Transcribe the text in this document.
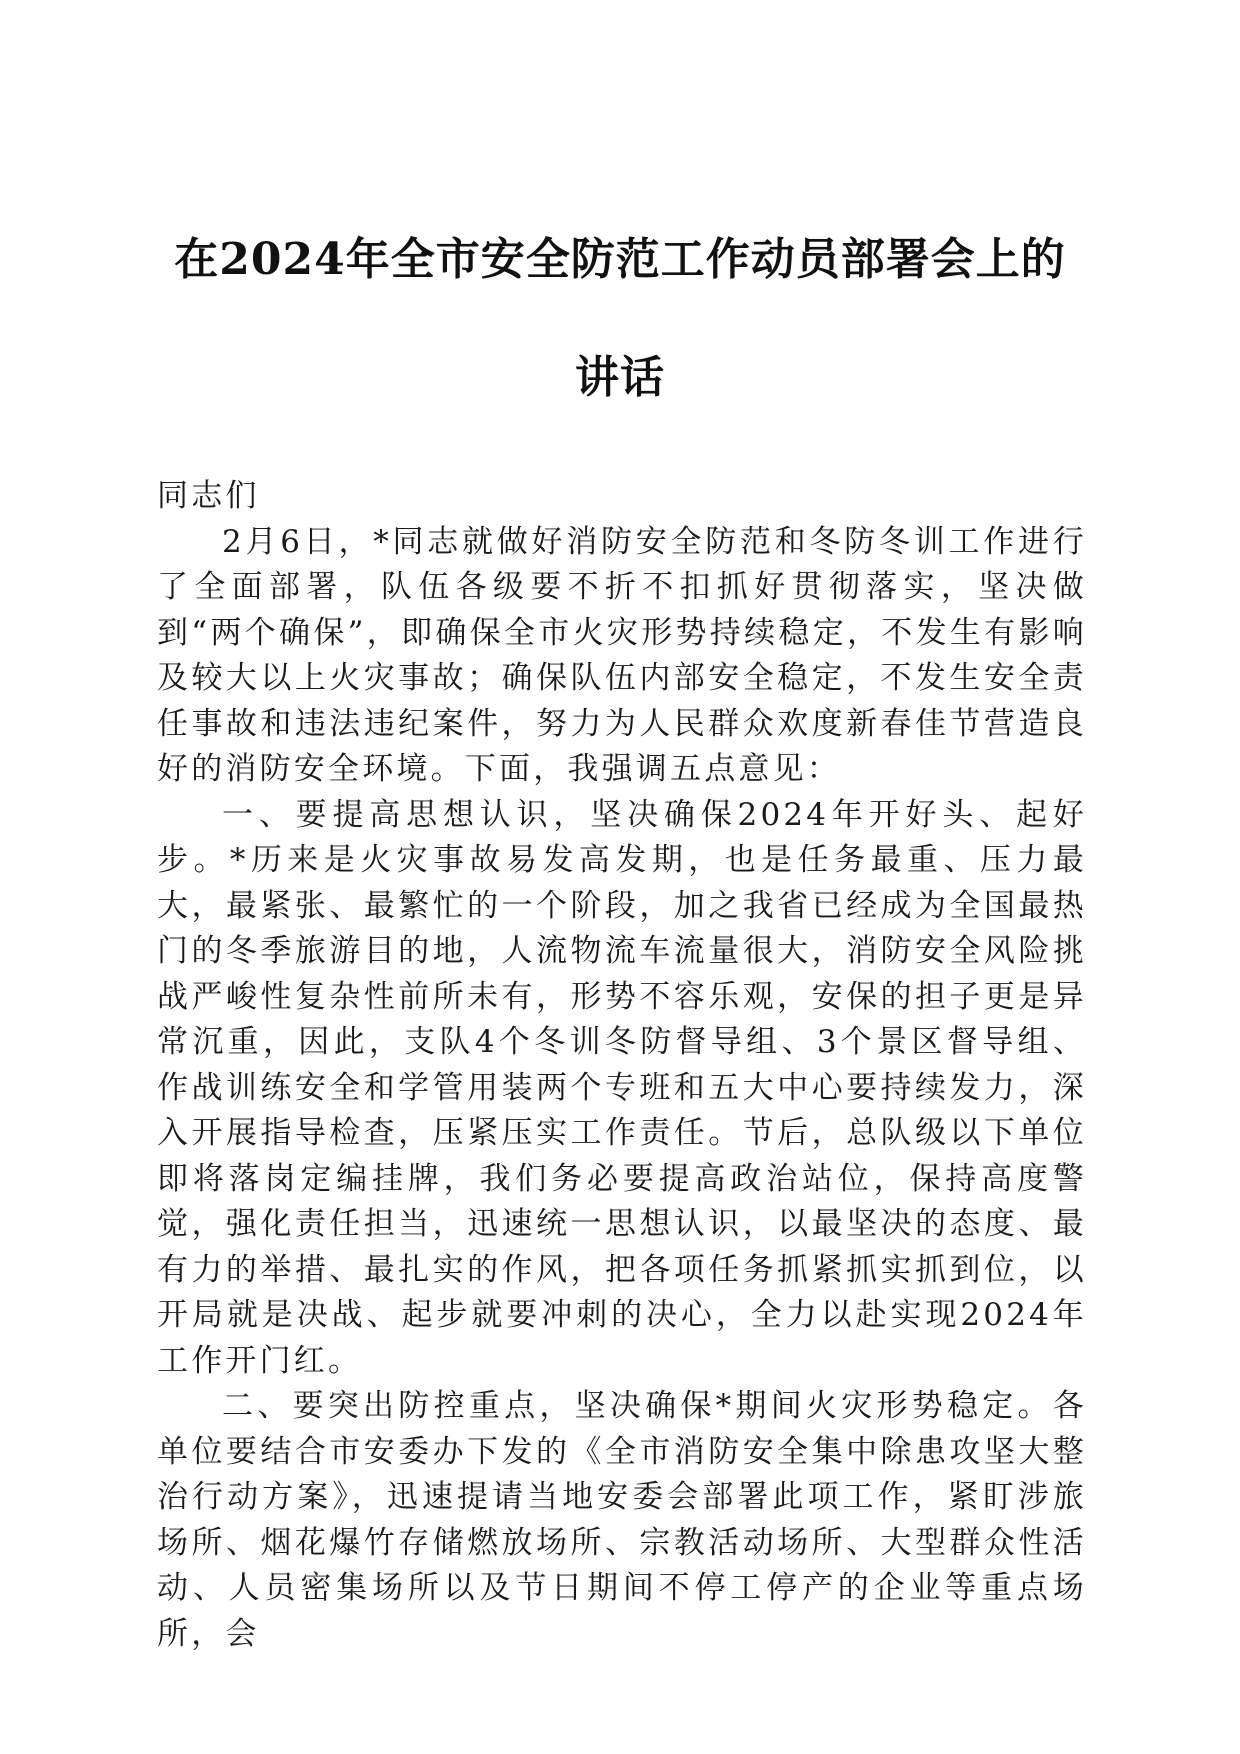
在2024年全市安全防范工作动员部署会上的
讲话

同志们

2月6日，*同志就做好消防安全防范和冬防冬训工作进行了全面部署，队伍各级要不折不扣抓好贯彻落实，坚决做到“两个确保”，即确保全市火灾形势持续稳定，不发生有影响及较大以上火灾事故；确保队伍内部安全稳定，不发生安全责任事故和违法违纪案件，努力为人民群众欢度新春佳节营造良好的消防安全环境。下面，我强调五点意见：

一、要提高思想认识，坚决确保2024年开好头、起好步。*历来是火灾事故易发高发期，也是任务最重、压力最大，最紧张、最繁忙的一个阶段，加之我省已经成为全国最热门的冬季旅游目的地，人流物流车流量很大，消防安全风险挑战严峻性复杂性前所未有，形势不容乐观，安保的担子更是异常沉重，因此，支队4个冬训冬防督导组、3个景区督导组、作战训练安全和学管用装两个专班和五大中心要持续发力，深入开展指导检查，压紧压实工作责任。节后，总队级以下单位即将落岗定编挂牌，我们务必要提高政治站位，保持高度警觉，强化责任担当，迅速统一思想认识，以最坚决的态度、最有力的举措、最扎实的作风，把各项任务抓紧抓实抓到位，以开局就是决战、起步就要冲刺的决心，全力以赴实现2024年工作开门红。

二、要突出防控重点，坚决确保*期间火灾形势稳定。各单位要结合市安委办下发的《全市消防安全集中除患攻坚大整治行动方案》，迅速提请当地安委会部署此项工作，紧盯涉旅场所、烟花爆竹存储燃放场所、宗教活动场所、大型群众性活动、人员密集场所以及节日期间不停工停产的企业等重点场所，会
